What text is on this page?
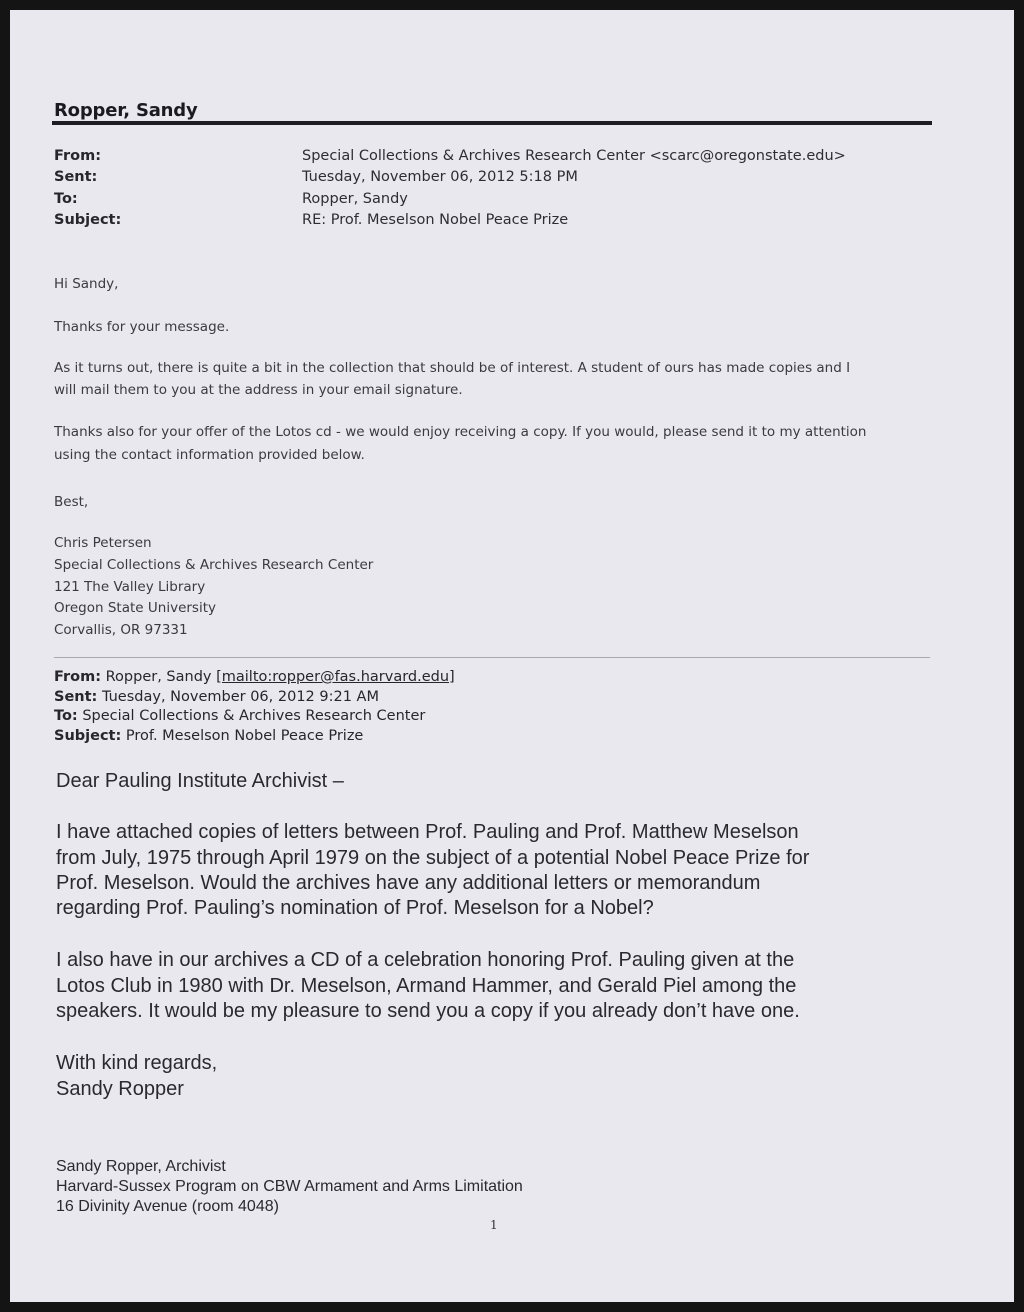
Ropper, Sandy
From:	Special Collections & Archives Research Center <scarc@oregonstate.edu>
Sent:	Tuesday, November 06, 2012 5:18 PM
To:	Ropper, Sandy
Subject:	RE: Prof. Meselson Nobel Peace Prize
Hi Sandy,
Thanks for your message.
As it turns out, there is quite a bit in the collection that should be of interest. A student of ours has made copies and I
will mail them to you at the address in your email signature.
Thanks also for your offer of the Lotos cd - we would enjoy receiving a copy. If you would, please send it to my attention
using the contact information provided below.
Best,
Chris Petersen
Special Collections & Archives Research Center
121 The Valley Library
Oregon State University
Corvallis, OR 97331
From: Ropper, Sandy [mailto:ropper@fas.harvard.edu]
Sent: Tuesday, November 06, 2012 9:21 AM
To: Special Collections & Archives Research Center
Subject: Prof. Meselson Nobel Peace Prize
Dear Pauling Institute Archivist –
I have attached copies of letters between Prof. Pauling and Prof. Matthew Meselson
from July, 1975 through April 1979 on the subject of a potential Nobel Peace Prize for
Prof. Meselson. Would the archives have any additional letters or memorandum
regarding Prof. Pauling’s nomination of Prof. Meselson for a Nobel?
I also have in our archives a CD of a celebration honoring Prof. Pauling given at the
Lotos Club in 1980 with Dr. Meselson, Armand Hammer, and Gerald Piel among the
speakers. It would be my pleasure to send you a copy if you already don’t have one.
With kind regards,
Sandy Ropper
Sandy Ropper, Archivist
Harvard-Sussex Program on CBW Armament and Arms Limitation
16 Divinity Avenue (room 4048)
1
